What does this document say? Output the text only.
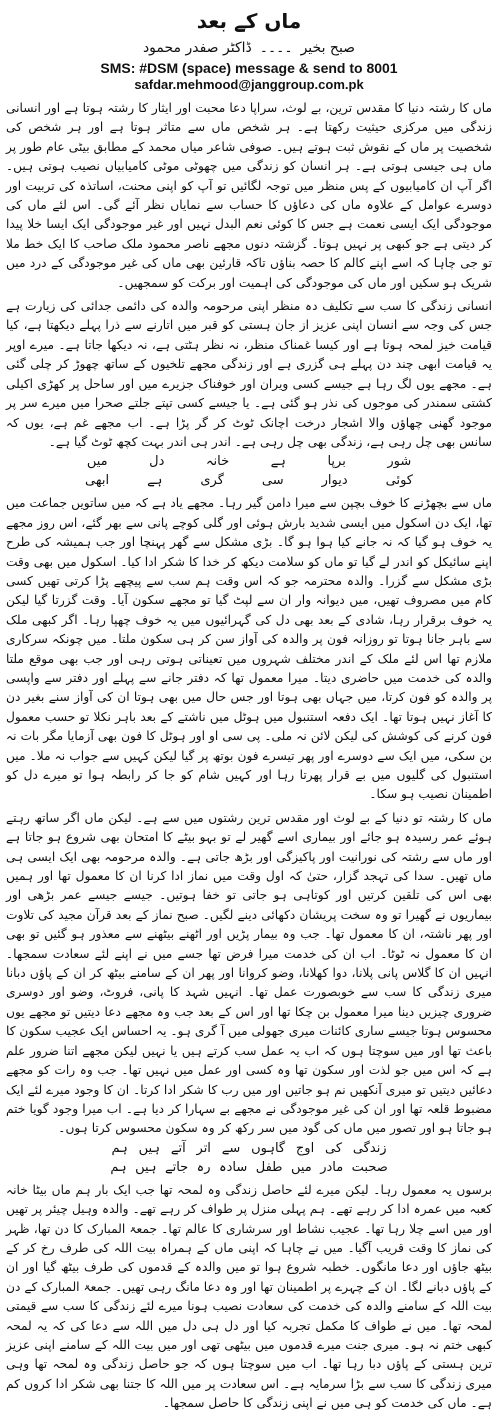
ماں کے بعد
صبح بخیر۔۔۔۔ڈاکٹر صفدر محمود
SMS: #DSM (space) message & send to 8001
safdar.mehmood@janggroup.com.pk

ماں کا رشتہ دنیا کا مقدس ترین، بے لوث، سراپا دعا محبت اور ایثار کا رشتہ ہوتا ہے اور انسانی زندگی میں مرکزی حیثیت رکھتا ہے۔ ہر شخص ماں سے متاثر ہوتا ہے اور ہر شخص کی شخصیت پر ماں کے نقوش ثبت ہوتے ہیں۔ صوفی شاعر میاں محمد کے مطابق بیٹی عام طور پر ماں ہی جیسی ہوتی ہے۔ ہر انسان کو زندگی میں چھوٹی موٹی کامیابیاں نصیب ہوتی ہیں۔ اگر آپ ان کامیابیوں کے پس منظر میں توجہ لگائیں تو آپ کو اپنی محنت، اساتذہ کی تربیت اور دوسرے عوامل کے علاوہ ماں کی دعاؤں کا حساب سے نمایاں نظر آئے گی۔ اس لئے ماں کی موجودگی ایک ایسی نعمت ہے جس کا کوئی نعم البدل نہیں اور غیر موجودگی ایک ایسا خلا پیدا کر دیتی ہے جو کبھی پر نہیں ہوتا۔ گزشتہ دنوں مجھے ناصر محمود ملک صاحب کا ایک خط ملا تو جی چاہا کہ اسے اپنے کالم کا حصہ بناؤں تاکہ قارئین بھی ماں کی غیر موجودگی کے درد میں شریک ہو سکیں اور ماں کی موجودگی کی اہمیت اور برکت کو سمجھیں۔

انسانی زندگی کا سب سے تکلیف دہ منظر اپنی مرحومہ والدہ کی دائمی جدائی کی زیارت ہے جس کی وجہ سے انسان اپنی عزیز از جان ہستی کو قبر میں اتارنے سے ذرا پہلے دیکھتا ہے، کیا قیامت خیز لمحہ ہوتا ہے اور کیسا غمناک منظر، نہ نظر ہٹتی ہے، نہ دیکھا جاتا ہے۔ میرے اوپر یہ قیامت ابھی چند دن پہلے ہی گزری ہے اور زندگی مجھے تلخیوں کے ساتھ چھوڑ کر چلی گئی ہے۔ مجھے یوں لگ رہا ہے جیسے کسی ویران اور خوفناک جزیرے میں اور ساحل پر کھڑی اکیلی کشتی سمندر کی موجوں کی نذر ہو گئی ہے۔ یا جیسے کسی تپتے جلتے صحرا میں میرے سر پر موجود گھنی چھاؤں والا اشجار درخت اچانک ٹوٹ کر گر پڑا ہے۔ اب مجھے غم ہے، یوں کہ سانس بھی چل رہی ہے، زندگی بھی چل رہی ہے۔ اندر ہی اندر بہت کچھ ٹوٹ گیا ہے۔

شور
برپا
ہے
خانہ
دل
میں
کوئی
دیوار
سی
گری
ہے
ابھی

ماں سے بچھڑنے کا خوف بچپن سے میرا دامن گیر رہا۔ مجھے یاد ہے کہ میں ساتویں جماعت میں تھا، ایک دن اسکول میں ایسی شدید بارش ہوئی اور گلی کوچے پانی سے بھر گئے، اس روز مجھے یہ خوف ہو گیا کہ نہ جانے کیا ہوا ہو گا۔ بڑی مشکل سے گھر پہنچا اور جب ہمیشہ کی طرح اپنے سائیکل کو اندر لے گیا تو ماں کو سلامت دیکھ کر خدا کا شکر ادا کیا۔ اسکول میں بھی وقت بڑی مشکل سے گزرا۔ والدہ محترمہ جو کہ اس وقت ہم سب سے پیچھے پڑا کرتی تھیں کسی کام میں مصروف تھیں، میں دیوانہ وار ان سے لپٹ گیا تو مجھے سکون آیا۔ وقت گزرتا گیا لیکن یہ خوف برقرار رہا، شادی کے بعد بھی دل کی گہرائیوں میں یہ خوف چھپا رہا۔ اگر کبھی ملک سے باہر جانا ہوتا تو روزانہ فون پر والدہ کی آواز سن کر ہی سکون ملتا۔ میں چونکہ سرکاری ملازم تھا اس لئے ملک کے اندر مختلف شہروں میں تعیناتی ہوتی رہی اور جب بھی موقع ملتا والدہ کی خدمت میں حاضری دیتا۔ میرا معمول تھا کہ دفتر جانے سے پہلے اور دفتر سے واپسی پر والدہ کو فون کرتا، میں جہاں بھی ہوتا اور جس حال میں بھی ہوتا ان کی آواز سنے بغیر دن کا آغاز نہیں ہوتا تھا۔ ایک دفعہ استنبول میں ہوٹل میں ناشتے کے بعد باہر نکلا تو حسب معمول فون کرنے کی کوشش کی لیکن لائن نہ ملی۔ پی سی او اور ہوٹل کا فون بھی آزمایا مگر بات نہ بن سکی، میں ایک سے دوسرے اور پھر تیسرے فون بوتھ پر گیا لیکن کہیں سے جواب نہ ملا۔ میں استنبول کی گلیوں میں بے قرار پھرتا رہا اور کہیں شام کو جا کر رابطہ ہوا تو میرے دل کو اطمینان نصیب ہو سکا۔

ماں کا رشتہ تو دنیا کے بے لوث اور مقدس ترین رشتوں میں سے ہے۔ لیکن ماں اگر ساتھ رہتے ہوئے عمر رسیدہ ہو جائے اور بیماری اسے گھیر لے تو بہو بیٹے کا امتحان بھی شروع ہو جاتا ہے اور ماں سے رشتہ کی نورانیت اور پاکیزگی اور بڑھ جاتی ہے۔ والدہ مرحومہ بھی ایک ایسی ہی ماں تھیں۔ سدا کی تہجد گزار، حتیٰ کہ اول وقت میں نماز ادا کرنا ان کا معمول تھا اور ہمیں بھی اس کی تلقین کرتیں اور کوتاہی ہو جاتی تو خفا ہوتیں۔ جیسے جیسے عمر بڑھی اور بیماریوں نے گھیرا تو وہ سخت پریشان دکھائی دینے لگیں۔ صبح نماز کے بعد قرآن مجید کی تلاوت اور پھر ناشتہ، ان کا معمول تھا۔ جب وہ بیمار پڑیں اور اٹھنے بیٹھنے سے معذور ہو گئیں تو بھی ان کا معمول نہ ٹوٹا۔ اب ان کی خدمت میرا فرض تھا جسے میں نے اپنے لئے سعادت سمجھا۔ انہیں ان کا گلاس پانی پلانا، دوا کھلانا، وضو کروانا اور پھر ان کے سامنے بیٹھ کر ان کے پاؤں دبانا میری زندگی کا سب سے خوبصورت عمل تھا۔ انہیں شہد کا پانی، فروٹ، وضو اور دوسری ضروری چیزیں دینا میرا معمول بن چکا تھا اور اس کے بعد جب وہ مجھے دعا دیتیں تو مجھے یوں محسوس ہوتا جیسے ساری کائنات میری جھولی میں آ گری ہو۔ یہ احساس ایک عجیب سکون کا باعث تھا اور میں سوچتا ہوں کہ اب یہ عمل سب کرتے ہیں یا نہیں لیکن مجھے اتنا ضرور علم ہے کہ اس میں جو لذت اور سکون تھا وہ کسی اور عمل میں نہیں تھا۔ جب وہ رات کو مجھے دعائیں دیتیں تو میری آنکھیں نم ہو جاتیں اور میں رب کا شکر ادا کرتا۔ ان کا وجود میرے لئے ایک مضبوط قلعہ تھا اور ان کی غیر موجودگی نے مجھے بے سہارا کر دیا ہے۔ اب میرا وجود گویا ختم ہو جاتا ہو اور تصور میں ماں کی گود میں سر رکھ کر وہ سکون محسوس کرتا ہوں۔

زندگی
کی
اوج
گاہوں
سے
اتر
آتے
ہیں
ہم
صحبت
مادر
میں
طفل
سادہ
رہ
جاتے
ہیں
ہم

برسوں یہ معمول رہا۔ لیکن میرے لئے حاصل زندگی وہ لمحہ تھا جب ایک بار ہم ماں بیٹا خانہ کعبہ میں عمرہ ادا کر رہے تھے۔ ہم پہلی منزل پر طواف کر رہے تھے۔ والدہ وہیل چیئر پر تھیں اور میں اسے چلا رہا تھا۔ عجیب نشاط اور سرشاری کا عالم تھا۔ جمعۃ المبارک کا دن تھا، ظہر کی نماز کا وقت قریب آگیا۔ میں نے چاہا کہ اپنی ماں کے ہمراہ بیت اللہ کی طرف رخ کر کے بیٹھ جاؤں اور دعا مانگوں۔ خطبہ شروع ہوا تو میں والدہ کے قدموں کی طرف بیٹھ گیا اور ان کے پاؤں دبانے لگا۔ ان کے چہرے پر اطمینان تھا اور وہ دعا مانگ رہی تھیں۔ جمعۃ المبارک کے دن بیت اللہ کے سامنے والدہ کی خدمت کی سعادت نصیب ہونا میرے لئے زندگی کا سب سے قیمتی لمحہ تھا۔ میں نے طواف کا مکمل تجربہ کیا اور دل ہی دل میں اللہ سے دعا کی کہ یہ لمحہ کبھی ختم نہ ہو۔ میری جنت میرے قدموں میں بیٹھی تھی اور میں بیت اللہ کے سامنے اپنی عزیز ترین ہستی کے پاؤں دبا رہا تھا۔ اب میں سوچتا ہوں کہ جو حاصل زندگی وہ لمحہ تھا وہی میری زندگی کا سب سے بڑا سرمایہ ہے۔ اس سعادت پر میں اللہ کا جتنا بھی شکر ادا کروں کم ہے۔ ماں کی خدمت کو ہی میں نے اپنی زندگی کا حاصل سمجھا۔
